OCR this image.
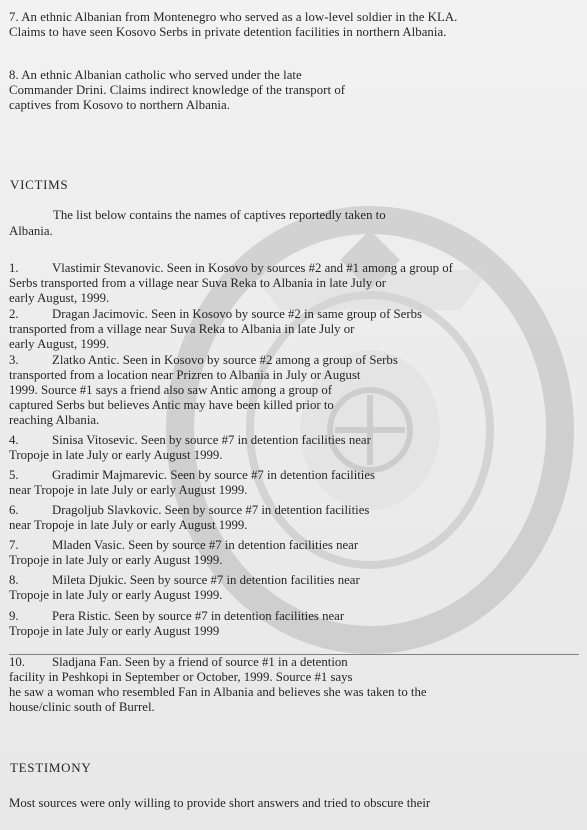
7. An ethnic Albanian from Montenegro who served as a low-level soldier in the KLA.
Claims to have seen Kosovo Serbs in private detention facilities in northern Albania.
8. An ethnic Albanian catholic who served under the late
Commander Drini. Claims indirect knowledge of the transport of
captives from Kosovo to northern Albania.
VICTIMS
The list below contains the names of captives reportedly taken to
Albania.
1.	Vlastimir Stevanovic. Seen in Kosovo by sources #2 and #1 among a group of
Serbs transported from a village near Suva Reka to Albania in late July or
early August, 1999.
2.	Dragan Jacimovic. Seen in Kosovo by source #2 in same group of Serbs
transported from a village near Suva Reka to Albania in late July or
early August, 1999.
3.	Zlatko Antic. Seen in Kosovo by source #2 among a group of Serbs
transported from a location near Prizren to Albania in July or August
1999. Source #1 says a friend also saw Antic among a group of
captured Serbs but believes Antic may have been killed prior to
reaching Albania.
4.	Sinisa Vitosevic. Seen by source #7 in detention facilities near
Tropoje in late July or early August 1999.
5.	Gradimir Majmarevic. Seen by source #7 in detention facilities
near Tropoje in late July or early August 1999.
6.	Dragoljub Slavkovic. Seen by source #7 in detention facilities
near Tropoje in late July or early August 1999.
7.	Mladen Vasic. Seen by source #7 in detention facilities near
Tropoje in late July or early August 1999.
8.	Mileta Djukic. Seen by source #7 in detention facilities near
Tropoje in late July or early August 1999.
9.	Pera Ristic. Seen by source #7 in detention facilities near
Tropoje in late July or early August 1999
10.	Sladjana Fan. Seen by a friend of source #1 in a detention
facility in Peshkopi in September or October, 1999. Source #1 says
he saw a woman who resembled Fan in Albania and believes she was taken to the
house/clinic south of Burrel.
TESTIMONY
Most sources were only willing to provide short answers and tried to obscure their
